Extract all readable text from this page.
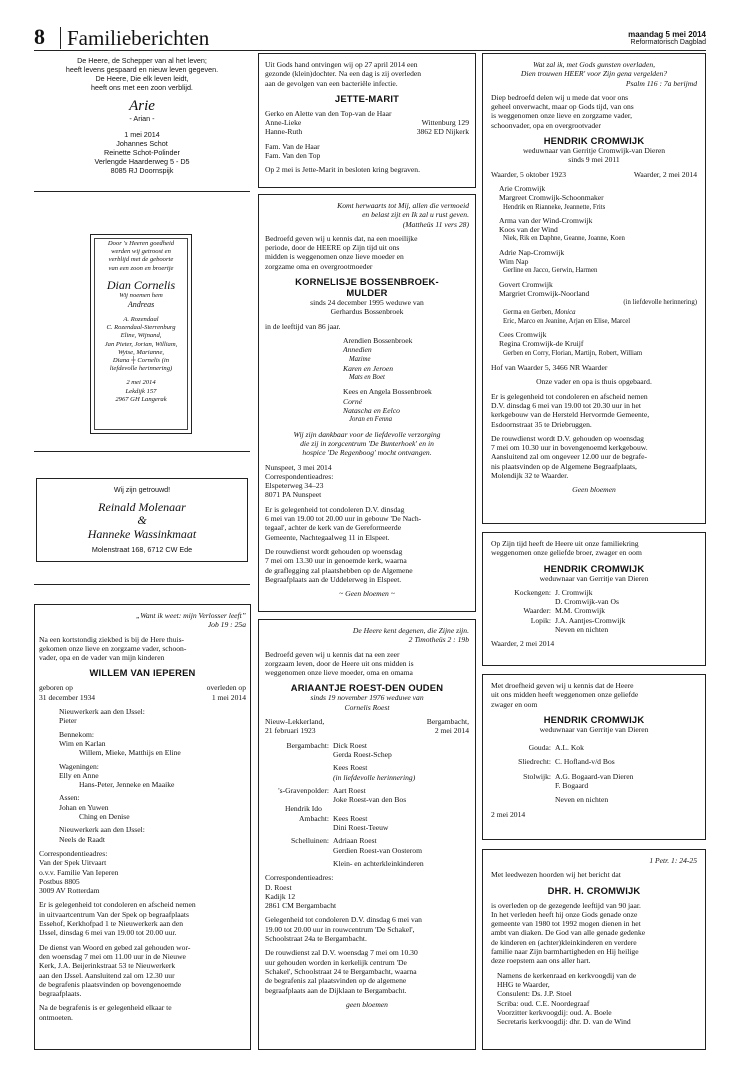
8 Familieberichten	maandag 5 mei 2014
Reformatorisch Dagblad

De Heere, de Schepper van al het leven;

heeft levens gespaard en nieuw leven gegeven.

De Heere, Die elk leven leidt,

heeft ons met een zoon verblijd.

Arie

- Arian -

1 mei 2014

Johannes Schot

Reinette Schot-Polinder

Verlengde Haarderweg 5 - D5

8085 RJ Doornspijk

Door 's Heeren goedheid

werden wij getroost en

verblijd met de geboorte

van een zoon en broertje

Dian Cornelis

Wij noemen hem

Andreas

A. Rozendaal

C. Rozendaal-Sterrenburg

Eline, Wijnand,

Jan Pieter, Jorian, William,

Wytse, Marianne,

Diana ┼ Cornelis (in

liefdevolle herinnering)

2 mei 2014

Lekdijk 157

2967 GH Langerak

Wij zijn getrouwd!

Reinald Molenaar

&

Hanneke Wassinkmaat

Molenstraat 168, 6712 CW Ede

„Want ik weet: mijn Verlosser leeft”

Job 19 : 25a

Na een kortstondig ziekbed is bij de Here thuis-

gekomen onze lieve en zorgzame vader, schoon-

vader, opa en de vader van mijn kinderen

WILLEM VAN IEPEREN

geboren op

31 december 1934

overleden op

1 mei 2014

Nieuwerkerk aan den IJssel:

Pieter

Bennekom:

Wim en Karlan

Willem, Mieke, Matthijs en Eline

Wageningen:

Elly en Anne

Hans-Peter, Jenneke en Maaike

Assen:

Johan en Yuwen

Ching en Denise

Nieuwerkerk aan den IJssel:

Neels de Raadt

Correspondentieadres:

Van der Spek Uitvaart

o.v.v. Familie Van Ieperen

Postbus 8805

3009 AV Rotterdam

Er is gelegenheid tot condoleren en afscheid nemen

in uitvaartcentrum Van der Spek op begraafplaats

Essehof, Kerkhofpad 1 te Nieuwerkerk aan den

IJssel, dinsdag 6 mei van 19.00 tot 20.00 uur.

De dienst van Woord en gebed zal gehouden wor-

den woensdag 7 mei om 11.00 uur in de Nieuwe

Kerk, J.A. Beijerinkstraat 53 te Nieuwerkerk

aan den IJssel. Aansluitend zal om 12.30 uur

de begrafenis plaatsvinden op bovengenoemde

begraafplaats.

Na de begrafenis is er gelegenheid elkaar te

ontmoeten.

Uit Gods hand ontvingen wij op 27 april 2014 een

gezonde (klein)dochter. Na een dag is zij overleden

aan de gevolgen van een bacteriële infectie.

JETTE-MARIT

Gerko en Alette van den Top-van de Haar

Anne-Lieke	Wittenburg 129
Hanne-Ruth	3862 ED Nijkerk

Fam. Van de Haar

Fam. Van den Top

Op 2 mei is Jette-Marit in besloten kring begraven.

Komt herwaarts tot Mij, allen die vermoeid

en belast zijt en Ik zal u rust geven.

(Mattheüs 11 vers 28)

Bedroefd geven wij u kennis dat, na een moeilijke

periode, door de HEERE op Zijn tijd uit ons

midden is weggenomen onze lieve moeder en

zorgzame oma en overgrootmoeder

KORNELISJE BOSSENBROEK-

MULDER

sinds 24 december 1995 weduwe van

Gerhardus Bossenbroek

in de leeftijd van 86 jaar.

Arendien Bossenbroek

Annedien

Mazime

Karen en Jeroen

Mats en Boet

Kees en Angela Bossenbroek

Corné

Natascha en Eelco

Joran en Fenna

Wij zijn dankbaar voor de liefdevolle verzorging

die zij in zorgcentrum 'De Bunterhoek' en in

hospice 'De Regenboog' mocht ontvangen.

Nunspeet, 3 mei 2014

Correspondentieadres:

Elspeterweg 34–23

8071 PA Nunspeet

Er is gelegenheid tot condoleren D.V. dinsdag

6 mei van 19.00 tot 20.00 uur in gebouw 'De Nach-

tegaal', achter de kerk van de Gereformeerde

Gemeente, Nachtegaalweg 11 in Elspeet.

De rouwdienst wordt gehouden op woensdag

7 mei om 13.30 uur in genoemde kerk, waarna

de graflegging zal plaatshebben op de Algemene

Begraafplaats aan de Uddelerweg in Elspeet.

~ Geen bloemen ~

De Heere kent degenen, die Zijne zijn.

2 Timotheüs 2 : 19b

Bedroefd geven wij u kennis dat na een zeer

zorgzaam leven, door de Heere uit ons midden is

weggenomen onze lieve moeder, oma en omama

ARIAANTJE ROEST-DEN OUDEN

sinds 19 november 1976 weduwe van

Cornelis Roest

Nieuw-Lekkerland,

21 februari 1923

Bergambacht,

2 mei 2014

Bergambacht: Dick Roest

Gerda Roest-Schep

Kees Roest

(in liefdevolle herinnering)

's-Gravenpolder: Aart Roest

Joke Roest-van den Bos

Hendrik Ido

Ambacht: Kees Roest

Dini Roest-Teeuw

Schelluinen: Adriaan Roest

Gerdien Roest-van Oosterom

Klein- en achterkleinkinderen

Correspondentieadres:

D. Roest

Kadijk 12

2861 CM Bergambacht

Gelegenheid tot condoleren D.V. dinsdag 6 mei van

19.00 tot 20.00 uur in rouwcentrum 'De Schakel',

Schoolstraat 24a te Bergambacht.

De rouwdienst zal D.V. woensdag 7 mei om 10.30

uur gehouden worden in kerkelijk centrum 'De

Schakel', Schoolstraat 24 te Bergambacht, waarna

de begrafenis zal plaatsvinden op de algemene

begraafplaats aan de Dijklaan te Bergambacht.

geen bloemen

Wat zal ik, met Gods gunsten overladen,

Dien trouwen HEER' voor Zijn gena vergelden?

Psalm 116 : 7a berijmd

Diep bedroefd delen wij u mede dat voor ons

geheel onverwacht, maar op Gods tijd, van ons

is weggenomen onze lieve en zorgzame vader,

schoonvader, opa en overgrootvader

HENDRIK CROMWIJK

weduwnaar van Gerritje Cromwijk-van Dieren

sinds 9 mei 2011

Waarder, 5 oktober 1923	Waarder, 2 mei 2014

Arie Cromwijk

Margreet Cromwijk-Schoonmaker

Hendrik en Rianneke, Jeannette, Frits

Arma van der Wind-Cromwijk

Koos van der Wind

Niek, Rik en Daphne, Geanne, Joanne, Koen

Adrie Nap-Cromwijk

Wim Nap

Gerline en Jacco, Gerwin, Harmen

Govert Cromwijk

Margriet Cromwijk-Noorland

(in liefdevolle herinnering)

Germa en Gerben, Monica

Eric, Marco en Jeanine, Arjan en Elise, Marcel

Cees Cromwijk

Regina Cromwijk-de Kruijf

Gerben en Corry, Florian, Martijn, Robert, William

Hof van Waarder 5, 3466 NR Waarder

Onze vader en opa is thuis opgebaard.

Er is gelegenheid tot condoleren en afscheid nemen

D.V. dinsdag 6 mei van 19.00 tot 20.30 uur in het

kerkgebouw van de Hersteld Hervormde Gemeente,

Esdoornstraat 35 te Driebruggen.

De rouwdienst wordt D.V. gehouden op woensdag

7 mei om 10.30 uur in bovengenoemd kerkgebouw.

Aansluitend zal om ongeveer 12.00 uur de begrafe-

nis plaatsvinden op de Algemene Begraafplaats,

Molendijk 32 te Waarder.

Geen bloemen

Op Zijn tijd heeft de Heere uit onze familiekring

weggenomen onze geliefde broer, zwager en oom

HENDRIK CROMWIJK

weduwnaar van Gerritje van Dieren

Kockengen: J. Cromwijk

D. Cromwijk-van Os

Waarder: M.M. Cromwijk

Lopik: J.A. Aantjes-Cromwijk

Neven en nichten

Waarder, 2 mei 2014

Met droefheid geven wij u kennis dat de Heere

uit ons midden heeft weggenomen onze geliefde

zwager en oom

HENDRIK CROMWIJK

weduwnaar van Gerritje van Dieren

Gouda: A.L. Kok

Sliedrecht: C. Hofland-v/d Bos

Stolwijk: A.G. Bogaard-van Dieren

F. Bogaard

Neven en nichten

2 mei 2014

1 Petr. 1: 24-25

Met leedwezen hoorden wij het bericht dat

DHR. H. CROMWIJK

is overleden op de gezegende leeftijd van 90 jaar.

In het verleden heeft hij onze Gods genade onze

gemeente van 1980 tot 1992 mogen dienen in het

ambt van diaken. De God van alle genade gedenke

de kinderen en (achter)kleinkinderen en verdere

familie naar Zijn barmhartigheden en Hij heilige

deze roepstem aan ons aller hart.

Namens de kerkenraad en kerkvoogdij van de

HHG te Waarder,

Consulent: Ds. J.P. Stoel

Scriba: oud. C.E. Noordegraaf

Voorzitter kerkvoogdij: oud. A. Boele

Secretaris kerkvoogdij: dhr. D. van de Wind
